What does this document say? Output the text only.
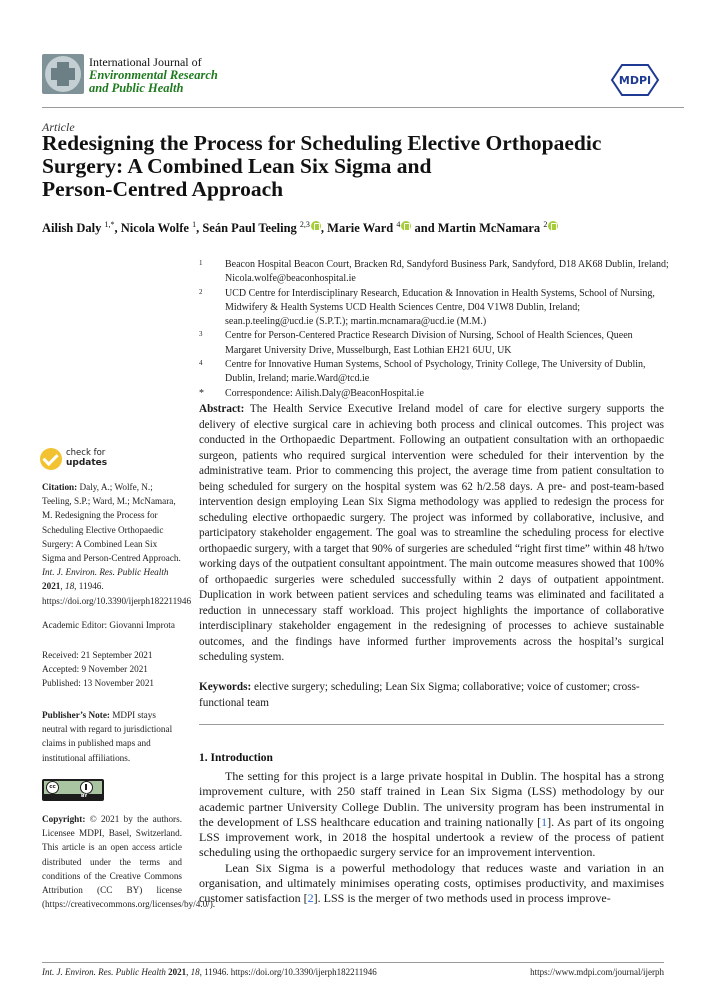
International Journal of
Environmental Research
and Public Health
MDPI
Article
Redesigning the Process for Scheduling Elective Orthopaedic
Surgery: A Combined Lean Six Sigma and
Person-Centred Approach
Ailish Daly $^{1,*}$, Nicola Wolfe $^1$, Seán Paul Teeling $^{2,3}$ , Marie Ward $^4$ and Martin McNamara $^2$
1 Beacon Hospital Beacon Court, Bracken Rd, Sandyford Business Park, Sandyford, D18 AK68 Dublin, Ireland; Nicola.wolfe@beaconhospital.ie
2 UCD Centre for Interdisciplinary Research, Education & Innovation in Health Systems, School of Nursing, Midwifery & Health Systems UCD Health Sciences Centre, D04 V1W8 Dublin, Ireland; sean.p.teeling@ucd.ie (S.P.T.); martin.mcnamara@ucd.ie (M.M.)
3 Centre for Person-Centered Practice Research Division of Nursing, School of Health Sciences, Queen Margaret University Drive, Musselburgh, East Lothian EH21 6UU, UK
4 Centre for Innovative Human Systems, School of Psychology, Trinity College, The University of Dublin, Dublin, Ireland; marie.Ward@tcd.ie
* Correspondence: Ailish.Daly@BeaconHospital.ie
Abstract: The Health Service Executive Ireland model of care for elective surgery supports the delivery of elective surgical care in achieving both process and clinical outcomes. This project was conducted in the Orthopaedic Department. Following an outpatient consultation with an orthopaedic surgeon, patients who required surgical intervention were scheduled for their intervention by the administrative team. Prior to commencing this project, the average time from patient consultation to being scheduled for surgery on the hospital system was 62 h/2.58 days. A pre- and post-team-based intervention design employing Lean Six Sigma methodology was applied to redesign the process for scheduling elective orthopaedic surgery. The project was informed by collaborative, inclusive, and participatory stakeholder engagement. The goal was to streamline the scheduling process for elective orthopaedic surgery, with a target that 90% of surgeries are scheduled “right first time” within 48 h/two working days of the outpatient consultant appointment. The main outcome measures showed that 100% of orthopaedic surgeries were scheduled successfully within 2 days of outpatient appointment. Duplication in work between patient services and scheduling teams was eliminated and facilitated a reduction in unnecessary staff workload. This project highlights the importance of collaborative interdisciplinary stakeholder engagement in the redesigning of processes to achieve sustainable outcomes, and the findings have informed further improvements across the hospital’s surgical scheduling system.
Keywords: elective surgery; scheduling; Lean Six Sigma; collaborative; voice of customer; cross-functional team
1. Introduction

The setting for this project is a large private hospital in Dublin. The hospital has a strong improvement culture, with 250 staff trained in Lean Six Sigma (LSS) methodology by our academic partner University College Dublin. The university program has been instrumental in the development of LSS healthcare education and training nationally [1]. As part of its ongoing LSS improvement work, in 2018 the hospital undertook a review of the process of patient scheduling using the orthopaedic surgery service for an improvement intervention.

Lean Six Sigma is a powerful methodology that reduces waste and variation in an organisation, and ultimately minimises operating costs, optimises productivity, and maximises customer satisfaction [2]. LSS is the merger of two methods used in process improve-

check for
updates
Citation: Daly, A.; Wolfe, N.; Teeling, S.P.; Ward, M.; McNamara, M. Redesigning the Process for Scheduling Elective Orthopaedic Surgery: A Combined Lean Six Sigma and Person-Centred Approach. Int. J. Environ. Res. Public Health 2021, 18, 11946. https://doi.org/10.3390/ijerph182211946
Academic Editor: Giovanni Improta
Received: 21 September 2021
Accepted: 9 November 2021
Published: 13 November 2021
Publisher’s Note: MDPI stays neutral with regard to jurisdictional claims in published maps and institutional affiliations.
cc
BY
Copyright: © 2021 by the authors. Licensee MDPI, Basel, Switzerland. This article is an open access article distributed under the terms and conditions of the Creative Commons Attribution (CC BY) license (https://creativecommons.org/licenses/by/4.0/).
Int. J. Environ. Res. Public Health 2021, 18, 11946. https://doi.org/10.3390/ijerph182211946	https://www.mdpi.com/journal/ijerph
